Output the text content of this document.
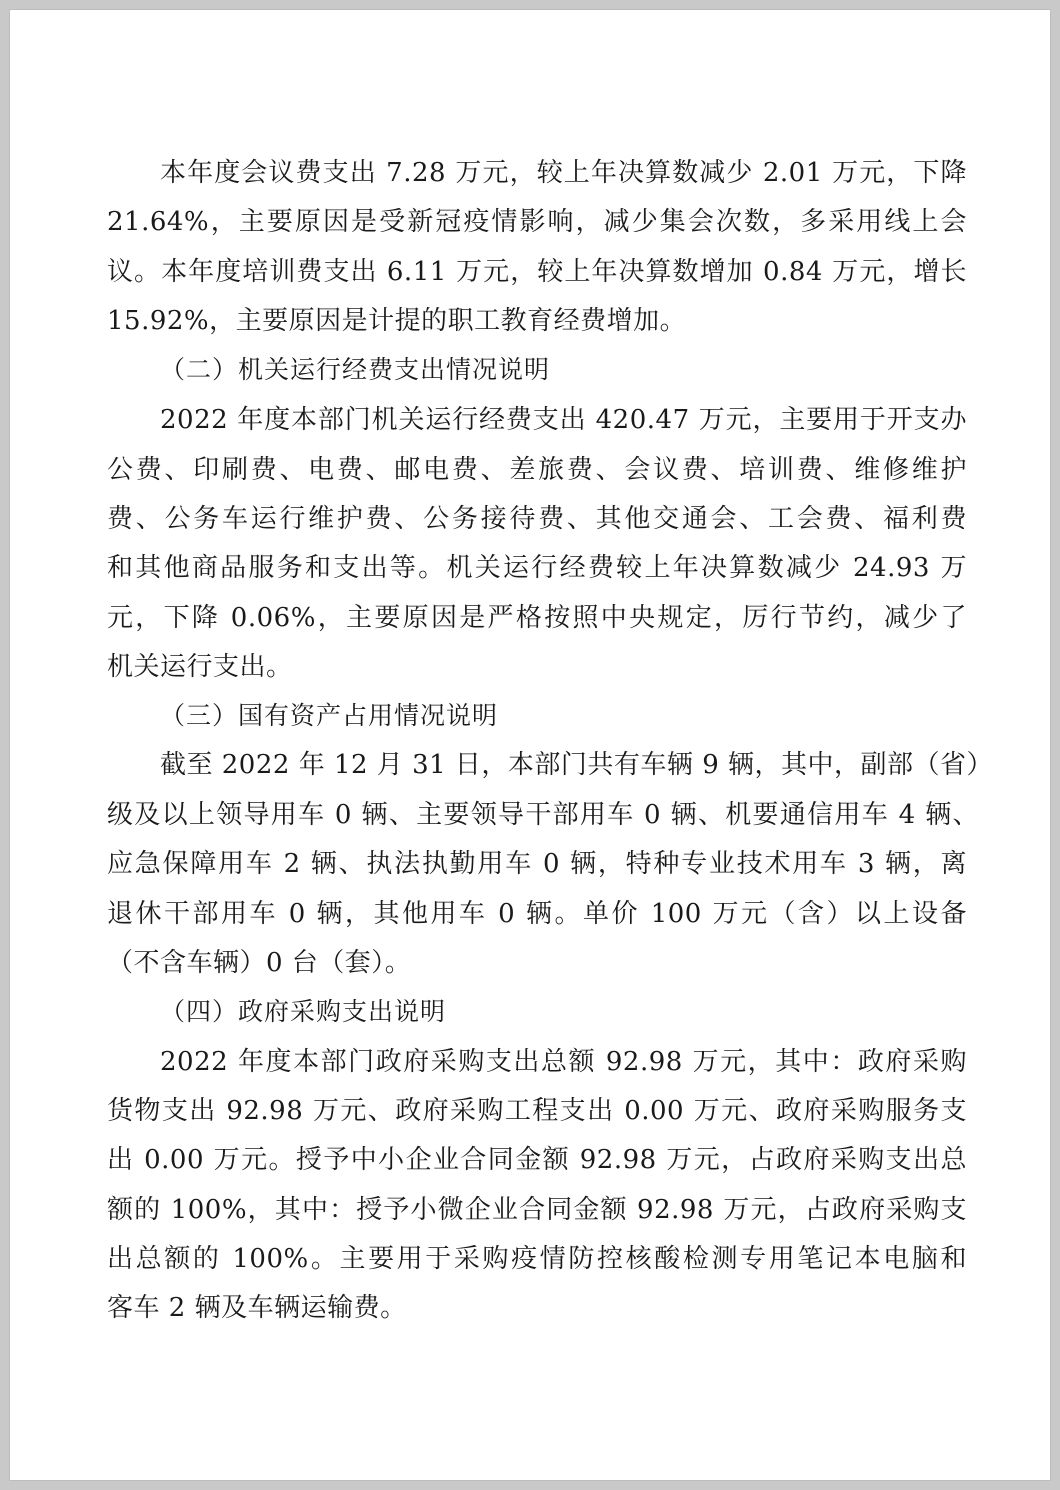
本年度会议费支出 7.28 万元，较上年决算数减少 2.01 万元，下降
21.64%，主要原因是受新冠疫情影响，减少集会次数，多采用线上会
议。本年度培训费支出 6.11 万元，较上年决算数增加 0.84 万元，增长
15.92%，主要原因是计提的职工教育经费增加。
（二）机关运行经费支出情况说明
2022 年度本部门机关运行经费支出 420.47 万元，主要用于开支办
公费、印刷费、电费、邮电费、差旅费、会议费、培训费、维修维护
费、公务车运行维护费、公务接待费、其他交通会、工会费、福利费
和其他商品服务和支出等。机关运行经费较上年决算数减少 24.93 万
元，下降 0.06%，主要原因是严格按照中央规定，厉行节约，减少了
机关运行支出。
（三）国有资产占用情况说明
截至 2022 年 12 月 31 日，本部门共有车辆 9 辆，其中，副部（省）
级及以上领导用车 0 辆、主要领导干部用车 0 辆、机要通信用车 4 辆、
应急保障用车 2 辆、执法执勤用车 0 辆，特种专业技术用车 3 辆，离
退休干部用车 0 辆，其他用车 0 辆。单价 100 万元（含）以上设备
（不含车辆）0 台（套）。
（四）政府采购支出说明
2022 年度本部门政府采购支出总额 92.98 万元，其中：政府采购
货物支出 92.98 万元、政府采购工程支出 0.00 万元、政府采购服务支
出 0.00 万元。授予中小企业合同金额 92.98 万元，占政府采购支出总
额的 100%，其中：授予小微企业合同金额 92.98 万元，占政府采购支
出总额的 100%。主要用于采购疫情防控核酸检测专用笔记本电脑和
客车 2 辆及车辆运输费。
